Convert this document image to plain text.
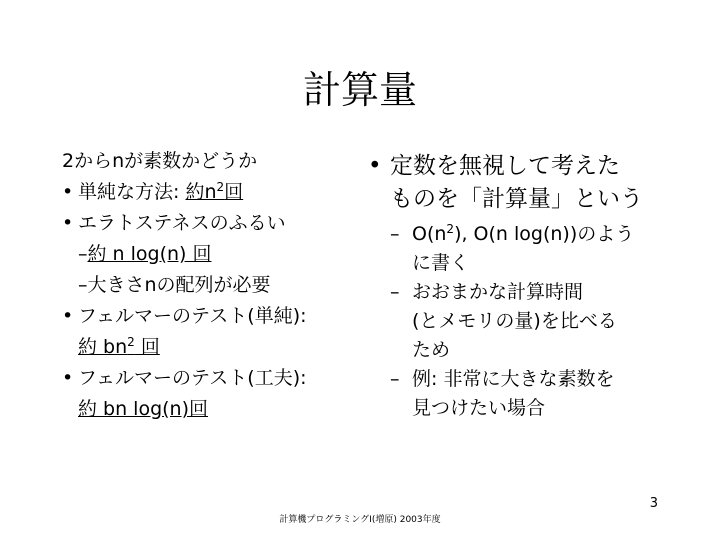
計算量
2からnが素数かどうか
• 単純な方法: 約$n^2$回
• エラトステネスのふるい
–約 n log(n) 回
–大きさnの配列が必要
• フェルマーのテスト(単純):
約 $bn^2$ 回
• フェルマーのテスト(工夫):
約 bn log(n)回
• 定数を無視して考えた
ものを「計算量」という
– $O(n^2)$, O(n log(n))のよう
に書く
– おおまかな計算時間
(とメモリの量)を比べる
ため
– 例: 非常に大きな素数を
見つけたい場合
3
計算機プログラミングI(増原) 2003年度
